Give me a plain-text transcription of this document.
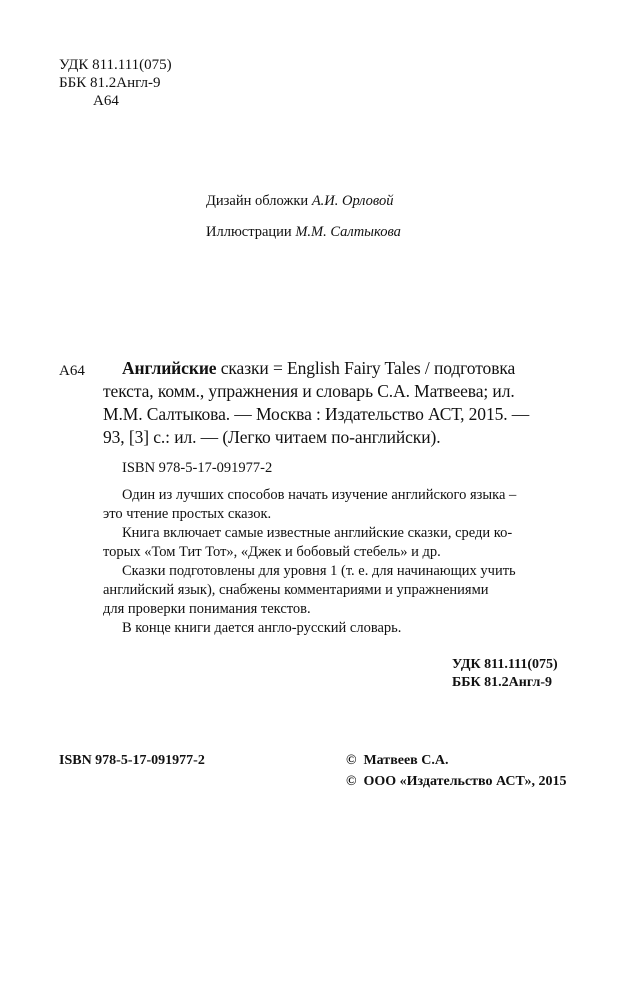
УДК 811.111(075)
ББК 81.2Англ-9
А64
Дизайн обложки А.И. Орловой
Иллюстрации М.М. Салтыкова
А64 Английские сказки = English Fairy Tales / подготовка
текста, комм., упражнения и словарь С.А. Матвеева; ил.
М.М. Салтыкова. — Москва : Издательство АСТ, 2015. —
93, [3] с.: ил. — (Легко читаем по-английски).
ISBN 978-5-17-091977-2
Один из лучших способов начать изучение английского языка –
это чтение простых сказок.
Книга включает самые известные английские сказки, среди ко-
торых «Том Тит Тот», «Джек и бобовый стебель» и др.
Сказки подготовлены для уровня 1 (т. е. для начинающих учить
английский язык), снабжены комментариями и упражнениями
для проверки понимания текстов.
В конце книги дается англо-русский словарь.
УДК 811.111(075)
ББК 81.2Англ-9
ISBN 978-5-17-091977-2	©  Матвеев С.А.
©  ООО «Издательство АСТ», 2015
